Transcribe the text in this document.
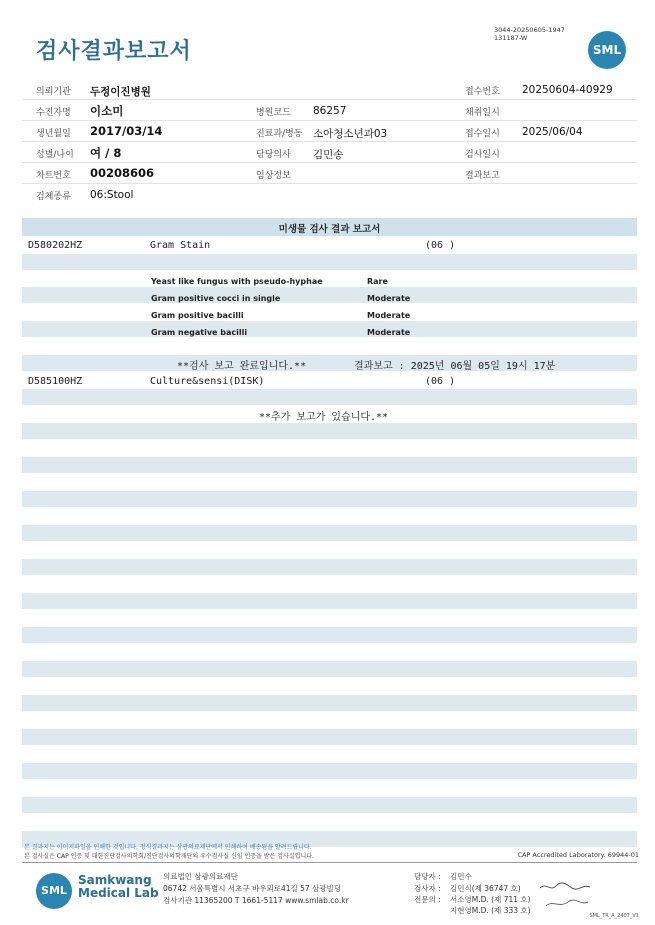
검사결과보고서
3044-20250605-1947
131187-W
SML
의뢰기관 두정이진병원	접수번호 20250604-40929
수진자명 이소미	병원코드 86257	채취일시
생년월일 2017/03/14	진료과/병동 소아청소년과03	접수일시 2025/06/04
성별/나이 여 / 8	담당의사 김민송	검사일시
차트번호 00208606	임상정보	결과보고
검체종류 06:Stool
미생물 검사 결과 보고서
D580202HZ	Gram Stain	(06 )
Yeast like fungus with pseudo-hyphae	Rare
Gram positive cocci in single	Moderate
Gram positive bacilli	Moderate
Gram negative bacilli	Moderate
**검사 보고 완료입니다.**	결과보고 : 2025년 06월 05일 19시 17분
D585100HZ	Culture&sensi(DISK)	(06 )
**추가 보고가 있습니다.**
본 결과지는 이미지파일을 인쇄한 것입니다. 정식결과지는 삼광의료재단에서 인쇄하여 배송됨을 알려드립니다.
본 검사실은 CAP 인증 및 대한진단검사의학회/진단검사의학재단의 우수검사실 신임 인증을 받은 검사실입니다.	CAP Accredited Laboratory. 69944-01
SML
Samkwang
Medical Lab
의료법인 삼광의료재단
06742 서울특별시 서초구 바우뫼로41길 57 삼광빌딩
검사기관 11365200 T 1661-5117 www.smlab.co.kr
담당자 : 김민수
검사자 : 김민식(제 36747 호)
전문의 : 서소영M.D. (제 711 호)
지현영M.D. (제 333 호)
SML_TR_A_2407_V1
